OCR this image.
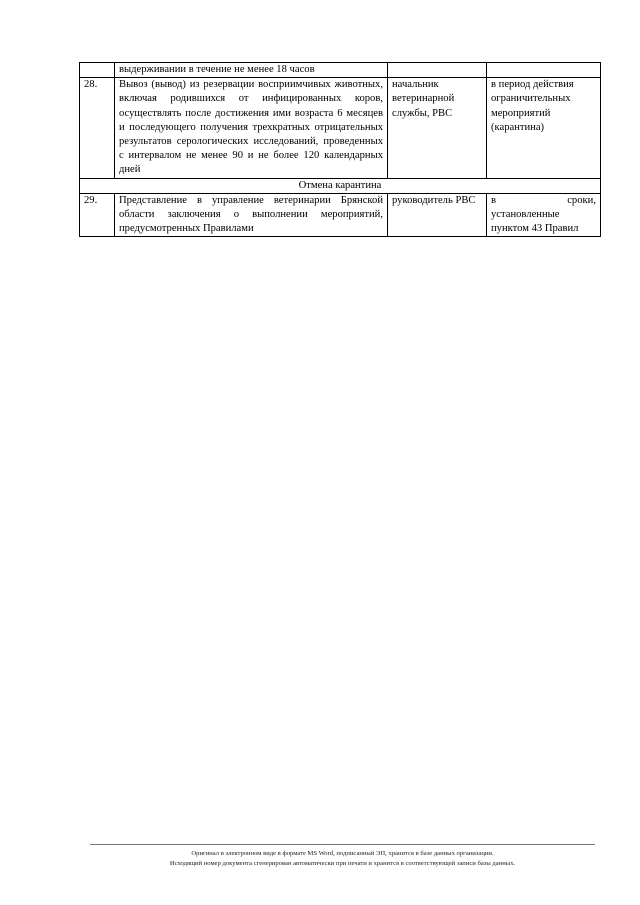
	выдерживании в течение не менее 18 часов		
28.	Вывоз (вывод) из резервации восприимчивых животных, включая родившихся от инфицированных коров, осуществлять после достижения ими возраста 6 месяцев и последующего получения трехкратных отрицательных результатов серологических исследований, проведенных с интервалом не менее 90 и не более 120 календарных дней	начальник ветеринарной службы, РВС	в период действия ограничительных мероприятий (карантина)
Отмена карантина			
29.	Представление в управление ветеринарии Брянской области заключения о выполнении мероприятий, предусмотренных Правилами	руководитель РВС	в сроки, установленные пунктом 43 Правил
Оригинал в электронном виде в формате MS Word, подписанный ЭП, хранится в базе данных организации.
Исходящий номер документа сгенерирован автоматически при печати и хранится в соответствующей записи базы данных.
